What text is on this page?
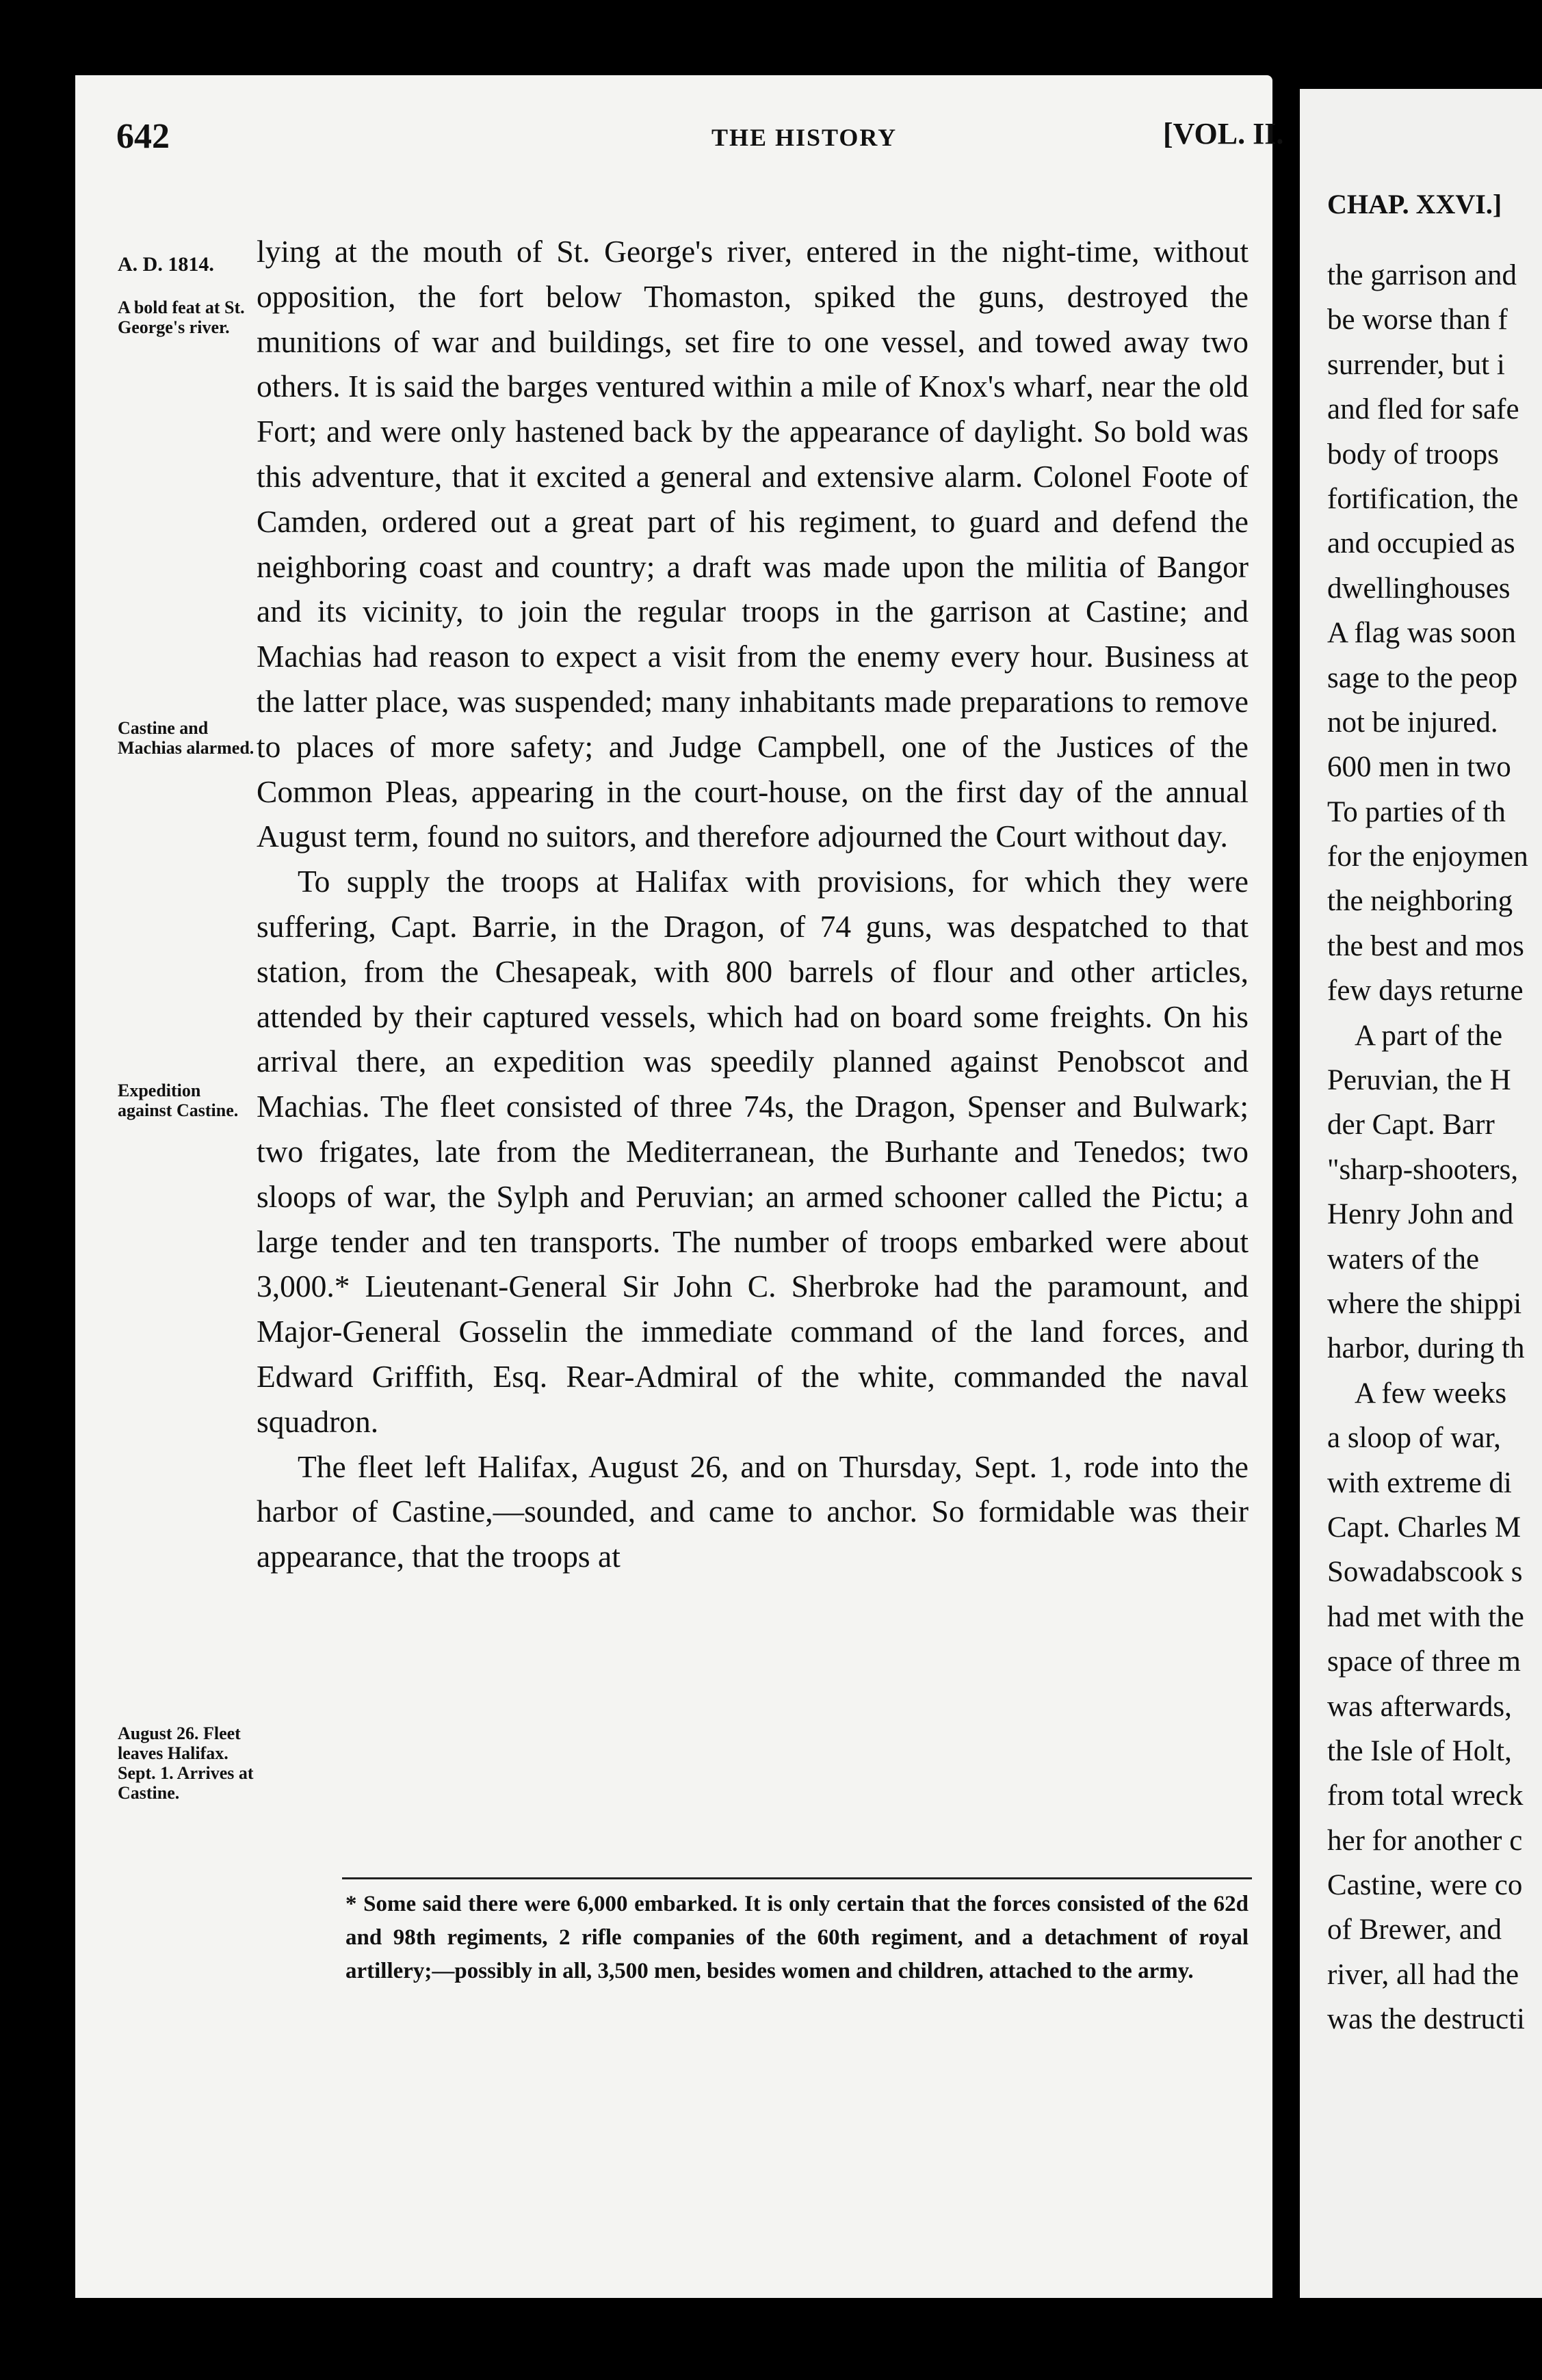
CHAP. XXVI.]
the garrison and
be worse than f
surrender, but i
and fled for safe
body of troops
fortification, the
and occupied as
dwellinghouses
A flag was soon
sage to the peop
not be injured.
600 men in two
To parties of th
for the enjoymen
the neighboring
the best and mos
few days returne
A part of the
Peruvian, the H
der Capt. Barr
"sharp-shooters,
Henry John and
waters of the
where the shippi
harbor, during th
A few weeks
a sloop of war,
with extreme di
Capt. Charles M
Sowadabscook s
had met with the
space of three m
was afterwards,
the Isle of Holt,
from total wreck
her for another c
Castine, were co
of Brewer, and
river, all had the
was the destructi
642	THE HISTORY	[VOL. II.
A. D. 1814.
A bold feat at St. George's river.
Castine and Machias alarmed.
Expedition against Castine.
August 26. Fleet leaves Halifax. Sept. 1. Arrives at Castine.

lying at the mouth of St. George's river, entered in the night-time, without opposition, the fort below Thomaston, spiked the guns, destroyed the munitions of war and buildings, set fire to one vessel, and towed away two others. It is said the barges ventured within a mile of Knox's wharf, near the old Fort; and were only hastened back by the appearance of daylight. So bold was this adventure, that it excited a general and extensive alarm. Colonel Foote of Camden, ordered out a great part of his regiment, to guard and defend the neighboring coast and country; a draft was made upon the militia of Bangor and its vicinity, to join the regular troops in the garrison at Castine; and Machias had reason to expect a visit from the enemy every hour. Business at the latter place, was suspended; many inhabitants made preparations to remove to places of more safety; and Judge Campbell, one of the Justices of the Common Pleas, appearing in the court-house, on the first day of the annual August term, found no suitors, and therefore adjourned the Court without day.

To supply the troops at Halifax with provisions, for which they were suffering, Capt. Barrie, in the Dragon, of 74 guns, was despatched to that station, from the Chesapeak, with 800 barrels of flour and other articles, attended by their captured vessels, which had on board some freights. On his arrival there, an expedition was speedily planned against Penobscot and Machias. The fleet consisted of three 74s, the Dragon, Spenser and Bulwark; two frigates, late from the Mediterranean, the Burhante and Tenedos; two sloops of war, the Sylph and Peruvian; an armed schooner called the Pictu; a large tender and ten transports. The number of troops embarked were about 3,000.* Lieutenant-General Sir John C. Sherbroke had the paramount, and Major-General Gosselin the immediate command of the land forces, and Edward Griffith, Esq. Rear-Admiral of the white, commanded the naval squadron.

The fleet left Halifax, August 26, and on Thursday, Sept. 1, rode into the harbor of Castine,—sounded, and came to anchor. So formidable was their appearance, that the troops at

* Some said there were 6,000 embarked. It is only certain that the forces consisted of the 62d and 98th regiments, 2 rifle companies of the 60th regiment, and a detachment of royal artillery;—possibly in all, 3,500 men, besides women and children, attached to the army.
